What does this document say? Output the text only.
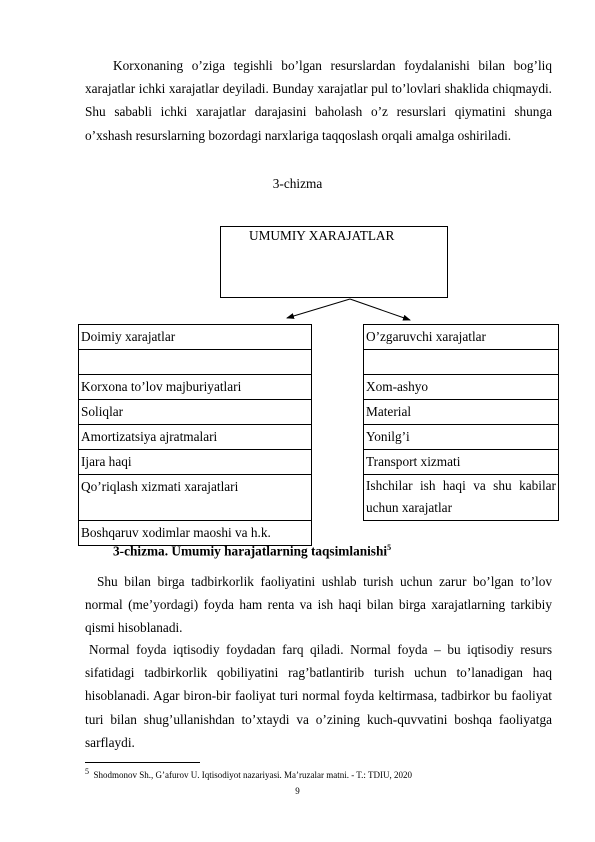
Korxonaning o’ziga tegishli bo’lgan resurslardan foydalanishi bilan bog’liq xarajatlar ichki xarajatlar deyiladi. Bunday xarajatlar pul to’lovlari shaklida chiqmaydi. Shu sababli ichki xarajatlar darajasini baholash o’z resurslari qiymatini shunga o’xshash resurslarning bozordagi narxlariga taqqoslash orqali amalga oshiriladi.

3-chizma
UMUMIY XARAJATLAR
Doimiy xarajatlar

Korxona to’lov majburiyatlari
Soliqlar
Amortizatsiya ajratmalari
Ijara haqi
Qo’riqlash xizmati xarajatlari
Boshqaruv xodimlar maoshi va h.k.
O’zgaruvchi xarajatlar

Xom-ashyo
Material
Yonilg’i
Transport xizmati
Ishchilar ish haqi va shu kabilar uchun xarajatlar
3-chizma. Umumiy harajatlarning taqsimlanishi$^5$

Shu bilan birga tadbirkorlik faoliyatini ushlab turish uchun zarur bo’lgan to’lov normal (me’yordagi) foyda ham renta va ish haqi bilan birga xarajatlarning tarkibiy qismi hisoblanadi.

Normal foyda iqtisodiy foydadan farq qiladi. Normal foyda – bu iqtisodiy resurs sifatidagi tadbirkorlik qobiliyatini rag’batlantirib turish uchun to’lanadigan haq hisoblanadi. Agar biron-bir faoliyat turi normal foyda keltirmasa, tadbirkor bu faoliyat turi bilan shug’ullanishdan to’xtaydi va o’zining kuch-quvvatini boshqa faoliyatga sarflaydi.

$^5$ Shodmonov Sh., G’afurov U. Iqtisodiyot nazariyasi. Ma’ruzalar matni. - T.: TDIU, 2020
9
